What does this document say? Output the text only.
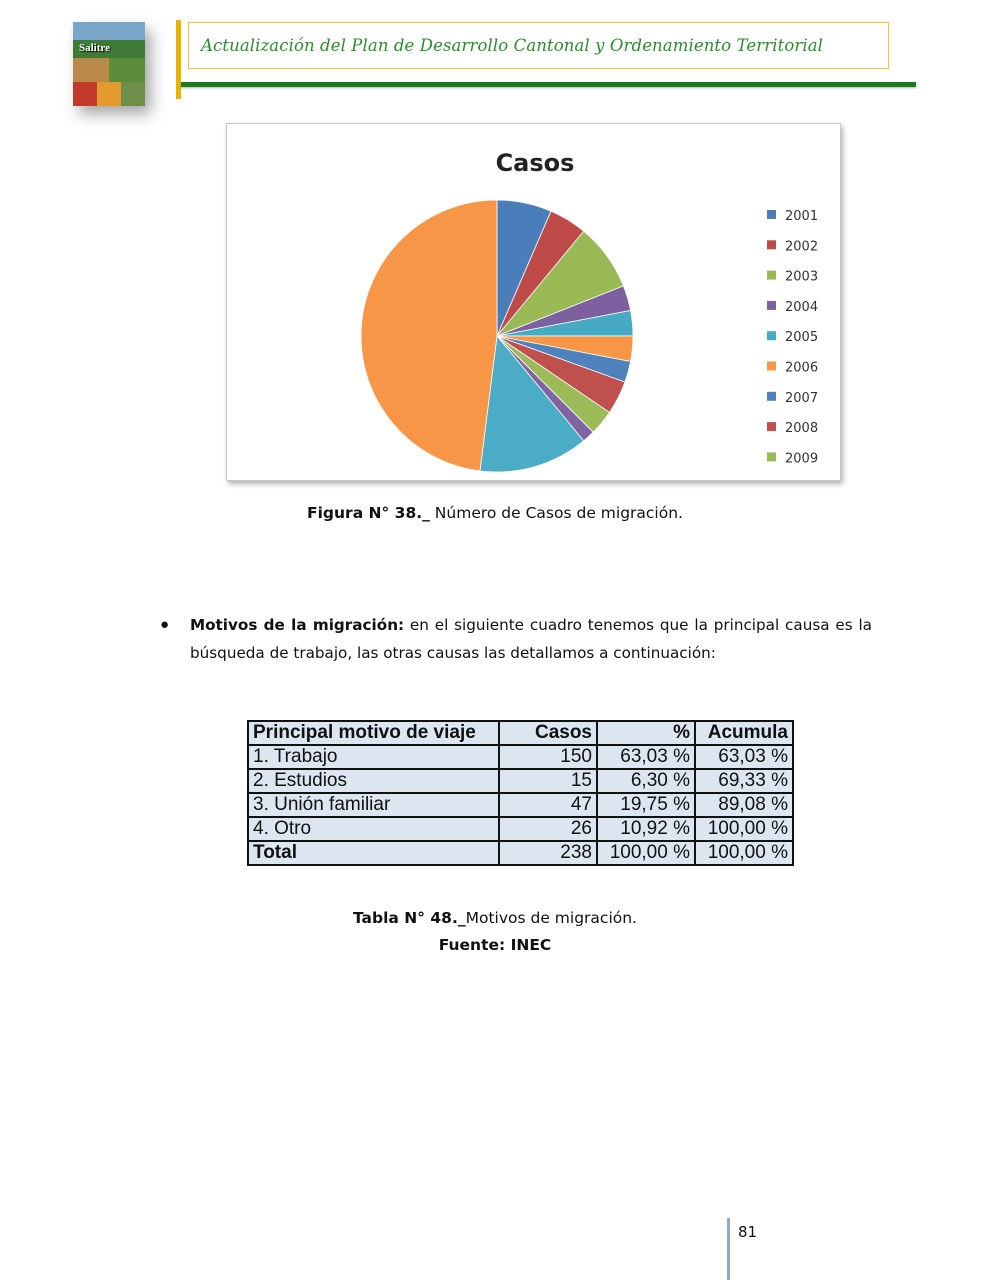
Salitre	Actualización del Plan de Desarrollo Cantonal y Ordenamiento Territorial
Casos
2001
2002
2003
2004
2005
2006
2007
2008
2009
Figura N° 38._ Número de Casos de migración.
● Motivos de la migración: en el siguiente cuadro tenemos que la principal causa es la búsqueda de trabajo, las otras causas las detallamos a continuación:
Principal motivo de viaje	Casos	%	Acumula
1. Trabajo	150	63,03 %	63,03 %
2. Estudios	15	6,30 %	69,33 %
3. Unión familiar	47	19,75 %	89,08 %
4. Otro	26	10,92 %	100,00 %
Total	238	100,00 %	100,00 %
Tabla N° 48._Motivos de migración.
Fuente: INEC
81
